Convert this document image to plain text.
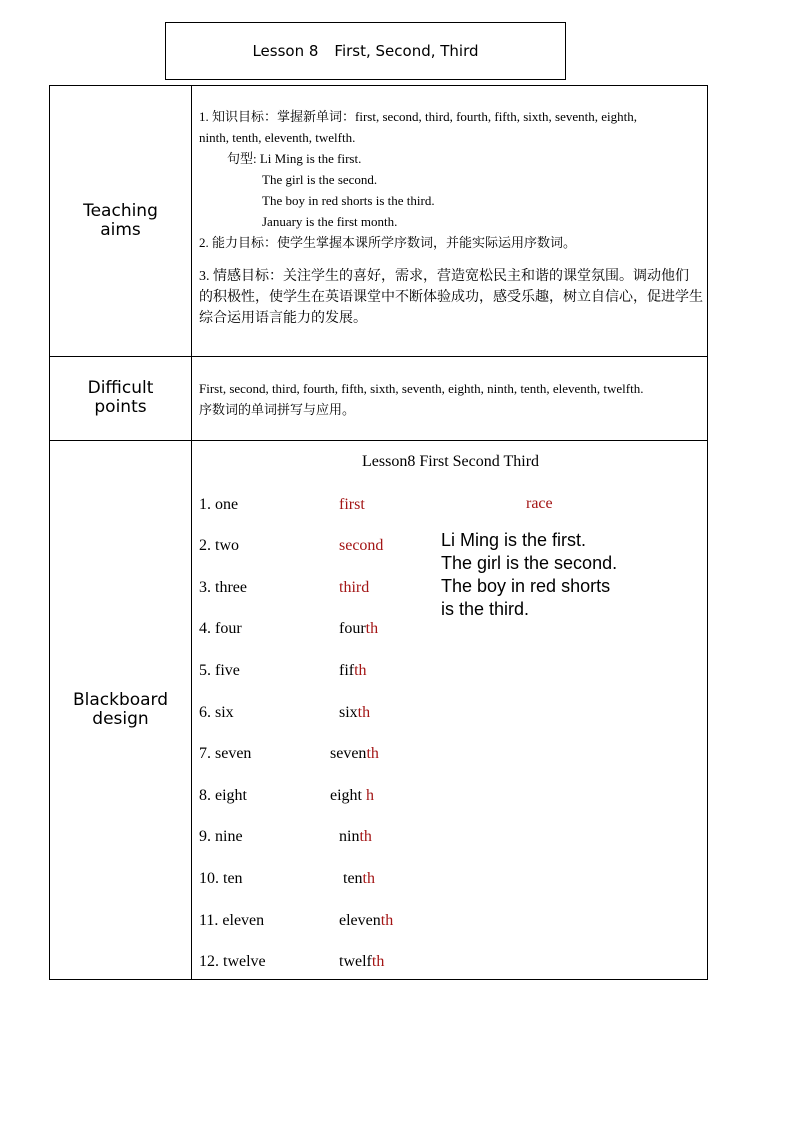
Lesson 8 First, Second, Third
Teaching
aims

1. 知识目标：掌握新单词：first, second, third, fourth, fifth, sixth, seventh, eighth,

ninth, tenth, eleventh, twelfth.

句型: Li Ming is the first.

The girl is the second.

The boy in red shorts is the third.

January is the first month.

2. 能力目标：使学生掌握本课所学序数词，并能实际运用序数词。

3. 情感目标：关注学生的喜好，需求，营造宽松民主和谐的课堂氛围。调动他们

的积极性，使学生在英语课堂中不断体验成功，感受乐趣，树立自信心，促进学生

综合运用语言能力的发展。

Difficult
points

First, second, third, fourth, fifth, sixth, seventh, eighth, ninth, tenth, eleventh, twelfth.

序数词的单词拼写与应用。

Blackboard
design
Lesson8 First Second Third
race
1. one	first
2. two	second
3. three	third
4. four	fourth
5. five	fifth
6. six	sixth
7. seven	seventh
8. eight	eight h
9. nine	ninth
10. ten	tenth
11. eleven	eleventh
12. twelve	twelfth

Li Ming is the first.

The girl is the second.

The boy in red shorts

is the third.
